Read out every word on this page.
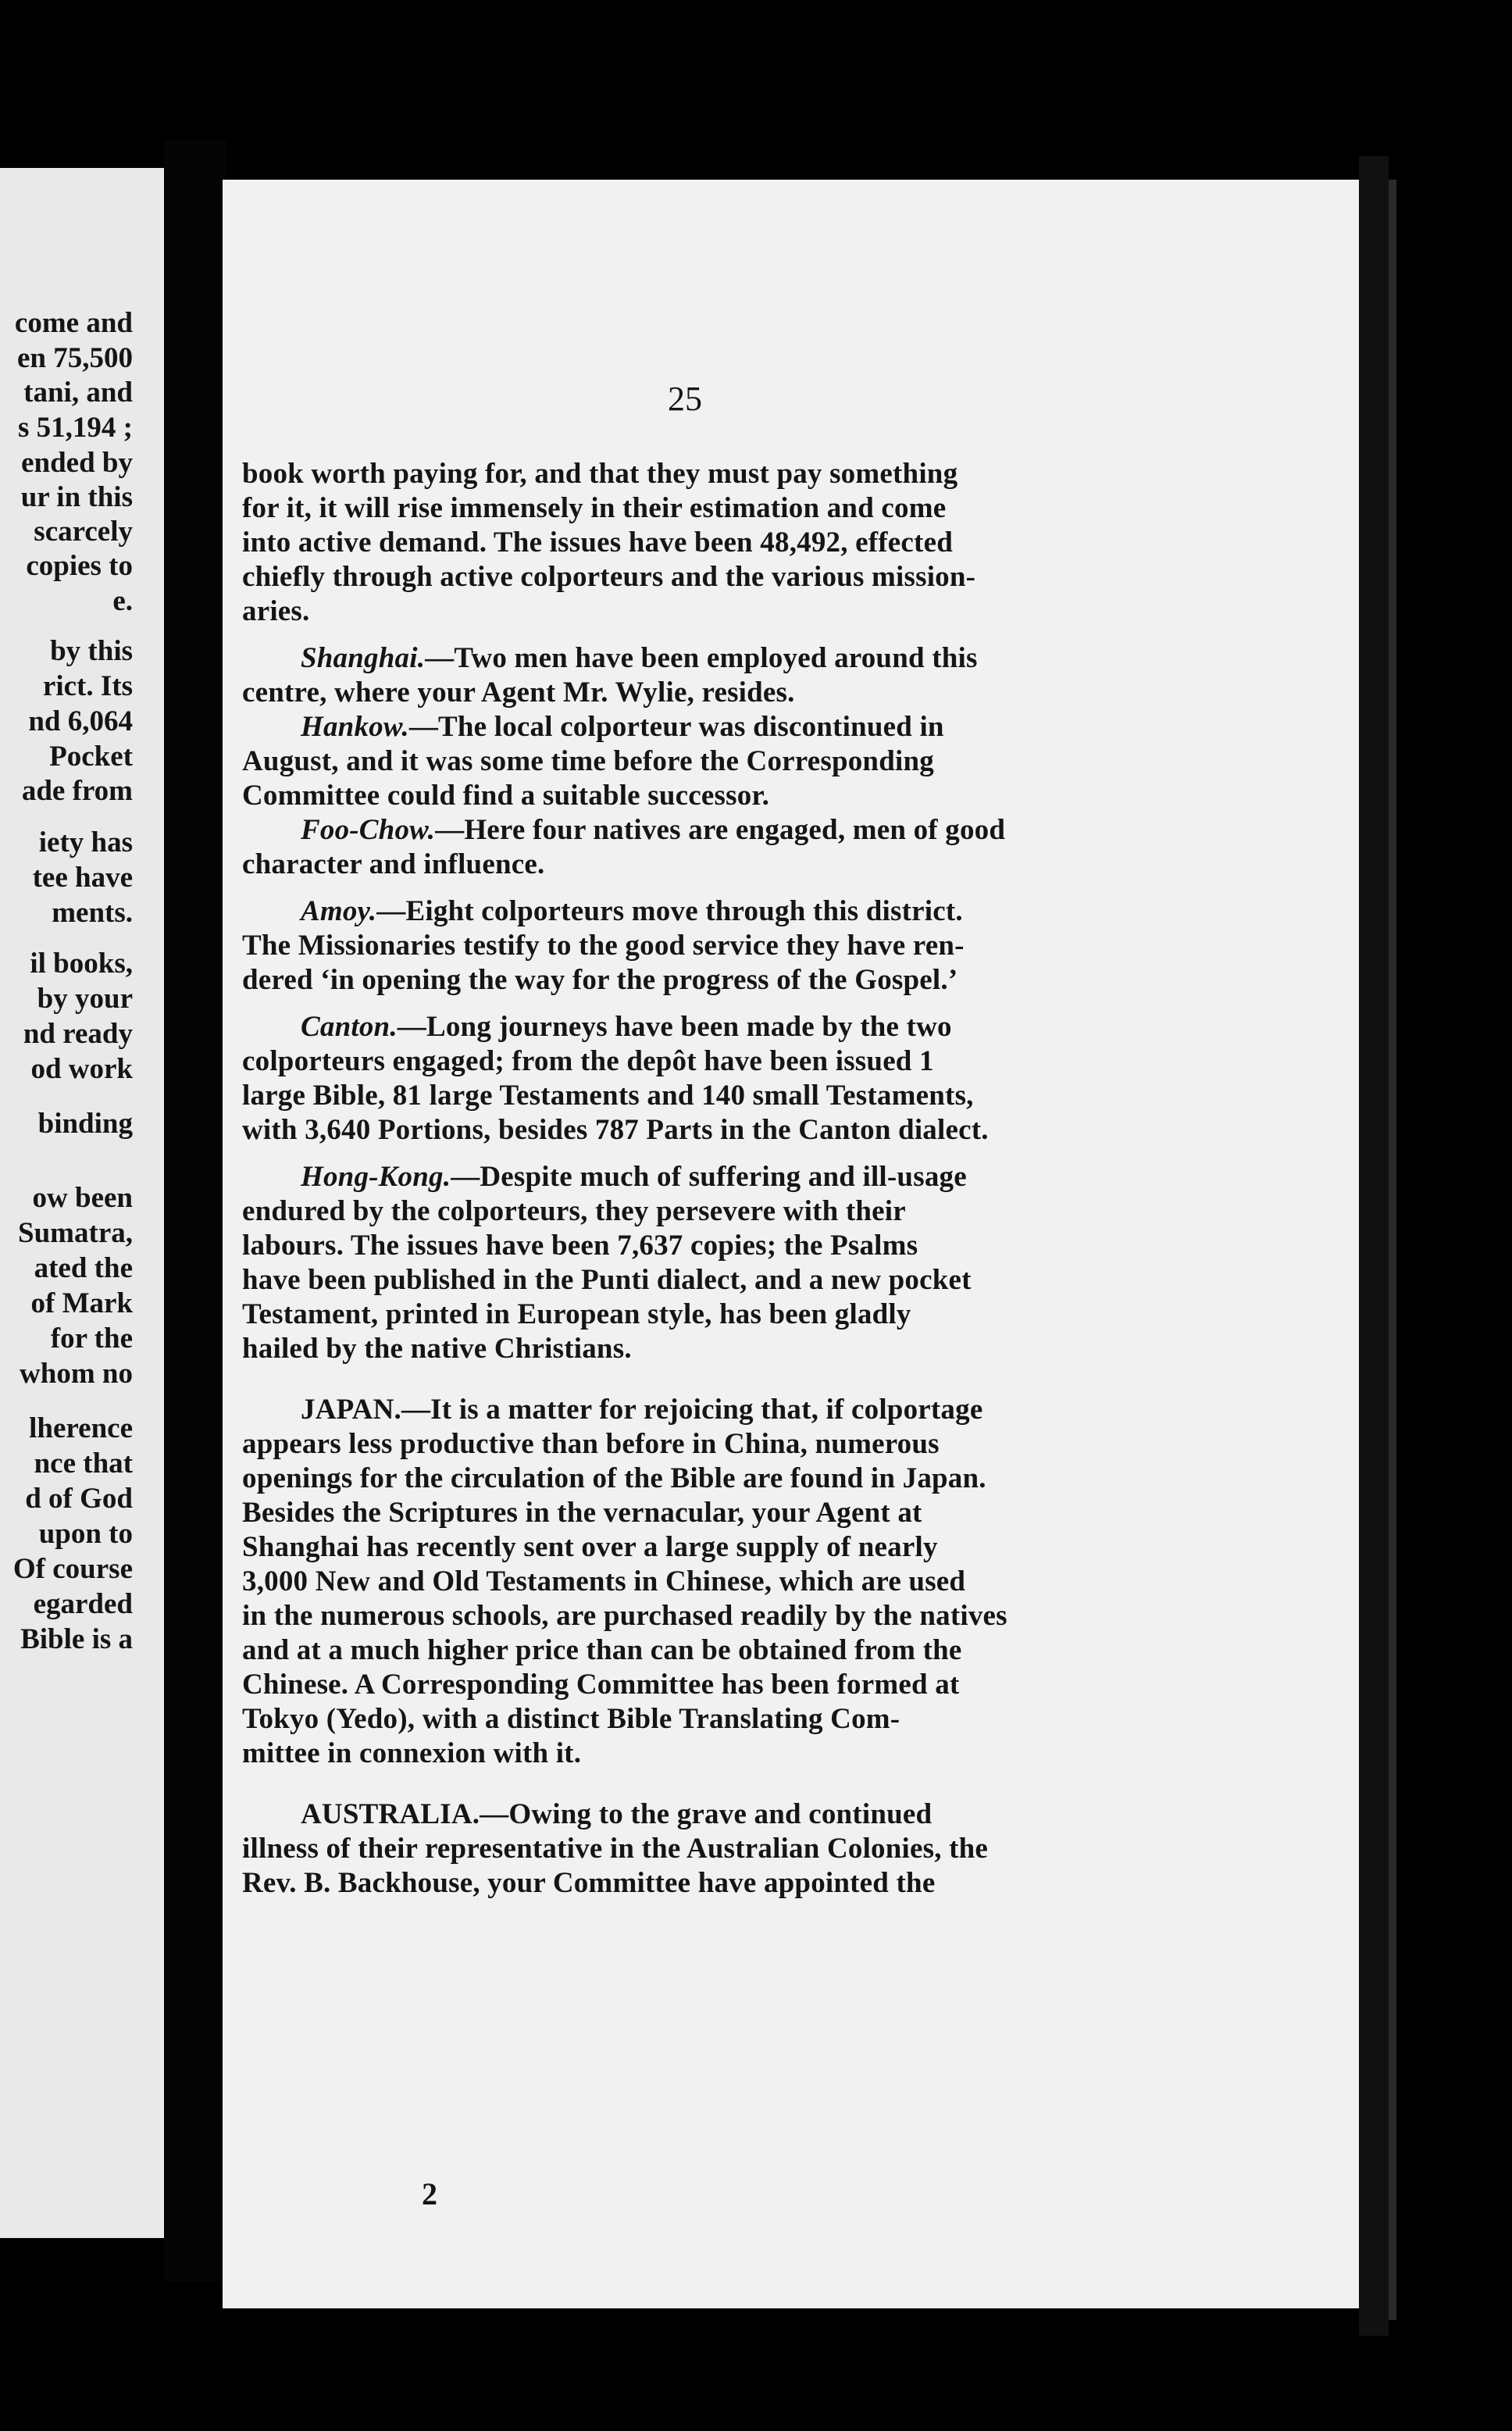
come and
en 75,500
tani, and
s 51,194 ;
ended by
ur in this
scarcely
copies to
e.
by this
rict. Its
nd 6,064
Pocket
ade from
iety has
tee have
ments.
il books,
by your
nd ready
od work
binding
ow been
Sumatra,
ated the
of Mark
for the
whom no
lherence
nce that
d of God
upon to
Of course
egarded
Bible is a
25
book worth paying for, and that they must pay something
for it, it will rise immensely in their estimation and come
into active demand. The issues have been 48,492, effected
chiefly through active colporteurs and the various mission-
aries.
Shanghai.—Two men have been employed around this
centre, where your Agent Mr. Wylie, resides.
Hankow.—The local colporteur was discontinued in
August, and it was some time before the Corresponding
Committee could find a suitable successor.
Foo-Chow.—Here four natives are engaged, men of good
character and influence.
Amoy.—Eight colporteurs move through this district.
The Missionaries testify to the good service they have ren-
dered ‘in opening the way for the progress of the Gospel.’
Canton.—Long journeys have been made by the two
colporteurs engaged; from the depôt have been issued 1
large Bible, 81 large Testaments and 140 small Testaments,
with 3,640 Portions, besides 787 Parts in the Canton dialect.
Hong-Kong.—Despite much of suffering and ill-usage
endured by the colporteurs, they persevere with their
labours. The issues have been 7,637 copies; the Psalms
have been published in the Punti dialect, and a new pocket
Testament, printed in European style, has been gladly
hailed by the native Christians.
JAPAN.—It is a matter for rejoicing that, if colportage
appears less productive than before in China, numerous
openings for the circulation of the Bible are found in Japan.
Besides the Scriptures in the vernacular, your Agent at
Shanghai has recently sent over a large supply of nearly
3,000 New and Old Testaments in Chinese, which are used
in the numerous schools, are purchased readily by the natives
and at a much higher price than can be obtained from the
Chinese. A Corresponding Committee has been formed at
Tokyo (Yedo), with a distinct Bible Translating Com-
mittee in connexion with it.
AUSTRALIA.—Owing to the grave and continued
illness of their representative in the Australian Colonies, the
Rev. B. Backhouse, your Committee have appointed the
2
